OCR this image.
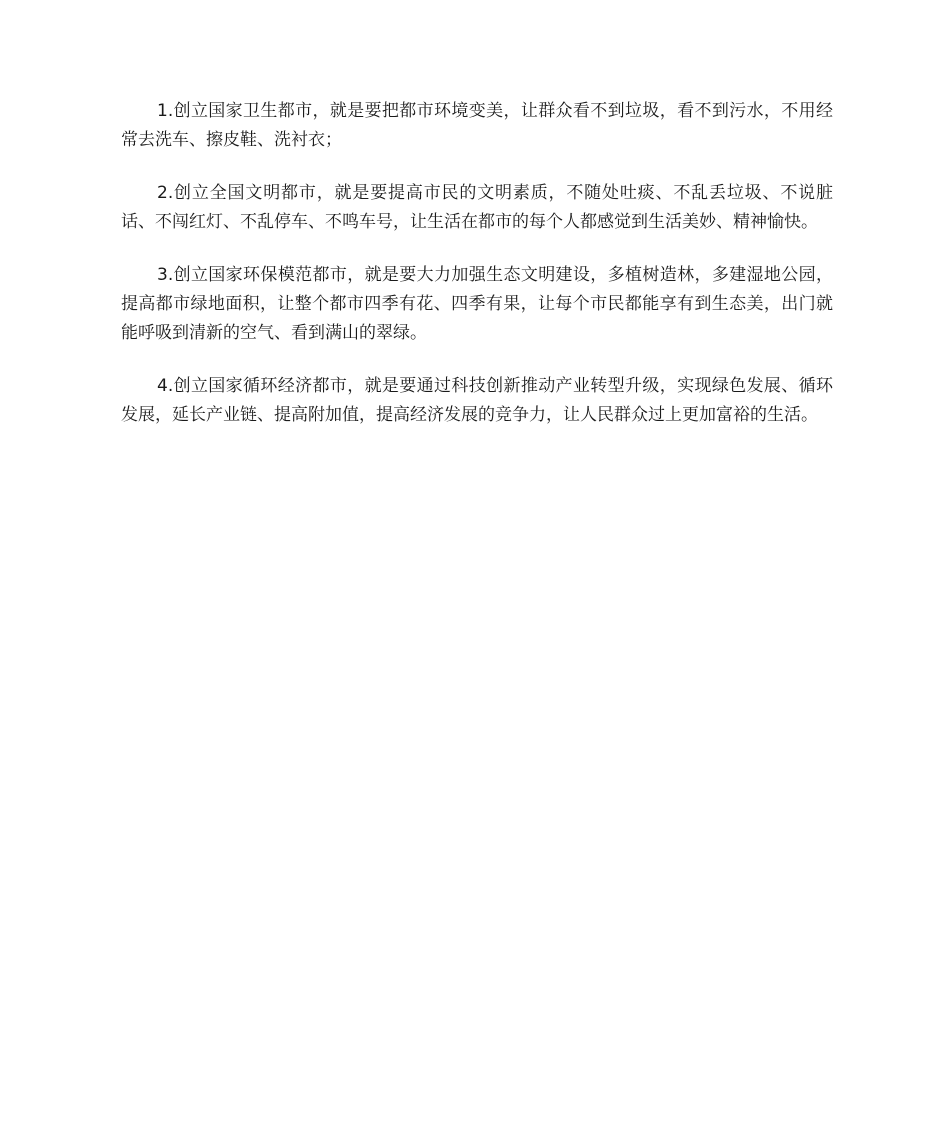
1.创立国家卫生都市，就是要把都市环境变美，让群众看不到垃圾，看不到污水，不用经常去洗车、擦皮鞋、洗衬衣；

2.创立全国文明都市，就是要提高市民的文明素质，不随处吐痰、不乱丢垃圾、不说脏话、不闯红灯、不乱停车、不鸣车号，让生活在都市的每个人都感觉到生活美妙、精神愉快。

3.创立国家环保模范都市，就是要大力加强生态文明建设，多植树造林，多建湿地公园，提高都市绿地面积，让整个都市四季有花、四季有果，让每个市民都能享有到生态美，出门就能呼吸到清新的空气、看到满山的翠绿。

4.创立国家循环经济都市，就是要通过科技创新推动产业转型升级，实现绿色发展、循环发展，延长产业链、提高附加值，提高经济发展的竞争力，让人民群众过上更加富裕的生活。
